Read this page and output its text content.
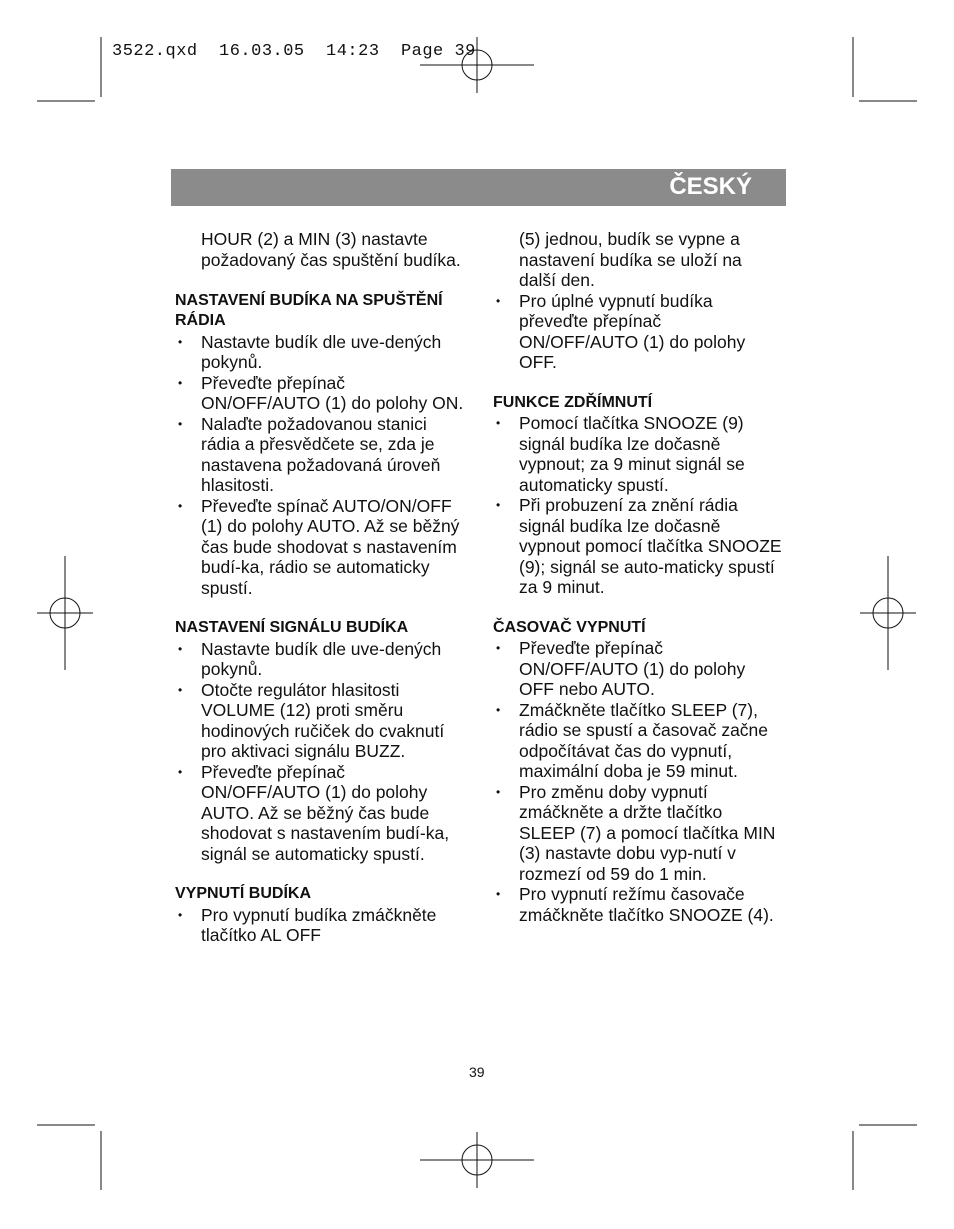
3522.qxd  16.03.05  14:23  Page 39
ČESKÝ

HOUR (2) a MIN (3) nastavte požadovaný čas spuštění budíka.

NASTAVENÍ BUDÍKA NA SPUŠTĚNÍ RÁDIA
• Nastavte budík dle uve-dených pokynů.
• Převeďte přepínač ON/OFF/AUTO (1) do polohy ON.
• Nalaďte požadovanou stanici rádia a přesvědčete se, zda je nastavena požadovaná úroveň hlasitosti.
• Převeďte spínač AUTO/ON/OFF (1) do polohy AUTO. Až se běžný čas bude shodovat s nastavením budí-ka, rádio se automaticky spustí.
NASTAVENÍ SIGNÁLU BUDÍKA
• Nastavte budík dle uve-dených pokynů.
• Otočte regulátor hlasitosti VOLUME (12) proti směru hodinových ručiček do cvaknutí pro aktivaci signálu BUZZ.
• Převeďte přepínač ON/OFF/AUTO (1) do polohy AUTO. Až se běžný čas bude shodovat s nastavením budí-ka, signál se automaticky spustí.
VYPNUTÍ BUDÍKA
• Pro vypnutí budíka zmáčkněte tlačítko AL OFF

(5) jednou, budík se vypne a nastavení budíka se uloží na další den.

• Pro úplné vypnutí budíka převeďte přepínač ON/OFF/AUTO (1) do polohy OFF.
FUNKCE ZDŘÍMNUTÍ
• Pomocí tlačítka SNOOZE (9) signál budíka lze dočasně vypnout; za 9 minut signál se automaticky spustí.
• Při probuzení za znění rádia signál budíka lze dočasně vypnout pomocí tlačítka SNOOZE (9); signál se auto-maticky spustí za 9 minut.
ČASOVAČ VYPNUTÍ
• Převeďte přepínač ON/OFF/AUTO (1) do polohy OFF nebo AUTO.
• Zmáčkněte tlačítko SLEEP (7), rádio se spustí a časovač začne odpočítávat čas do vypnutí, maximální doba je 59 minut.
• Pro změnu doby vypnutí zmáčkněte a držte tlačítko SLEEP (7) a pomocí tlačítka MIN (3) nastavte dobu vyp-nutí v rozmezí od 59 do 1 min.
• Pro vypnutí režímu časovače zmáčkněte tlačítko SNOOZE (4).
39
